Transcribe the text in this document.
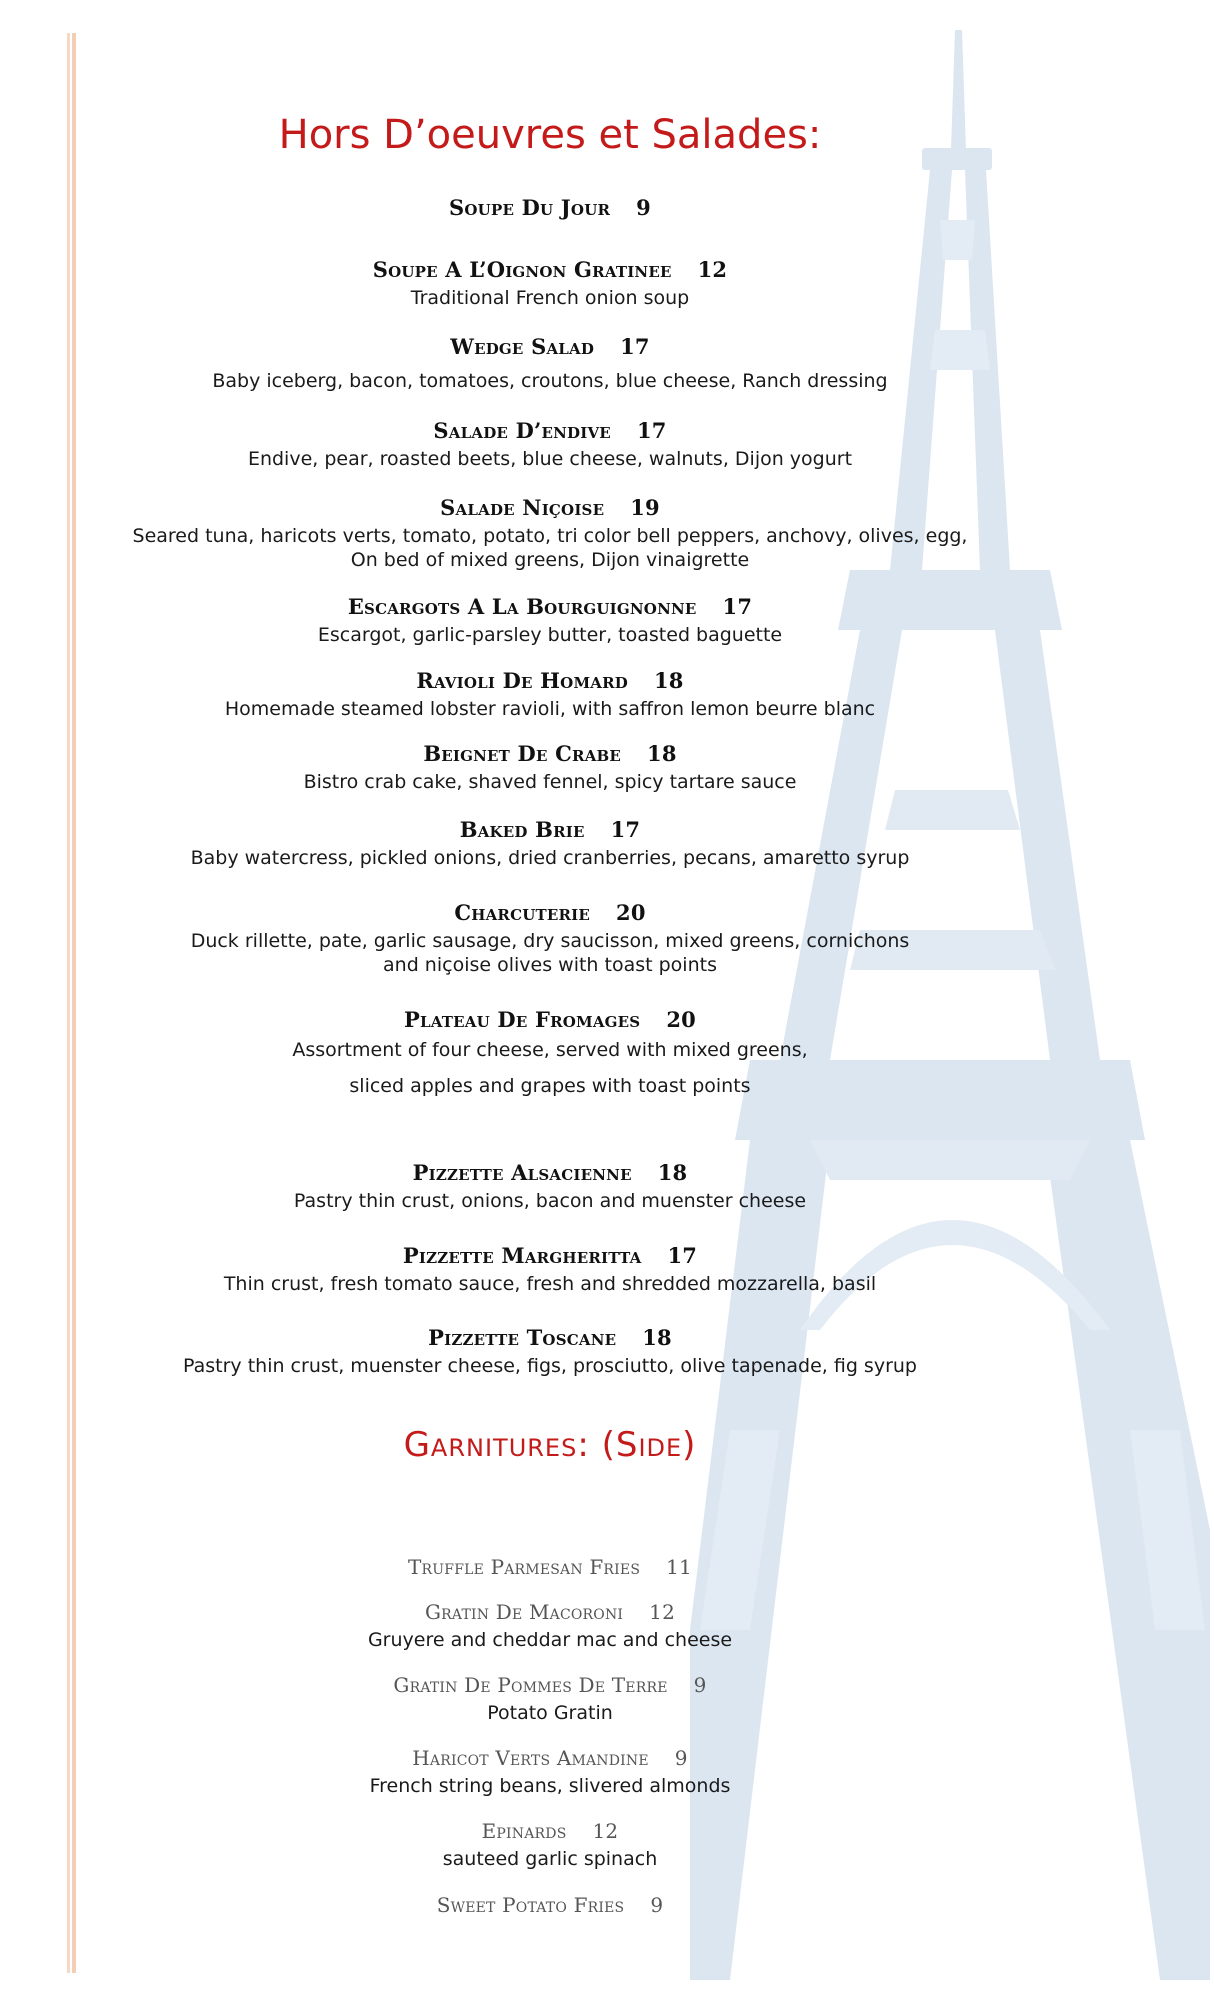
Hors D’oeuvres et Salades:
Soupe Du Jour 9
Soupe A L’Oignon Gratinee 12
Traditional French onion soup
Wedge Salad 17
Baby iceberg, bacon, tomatoes, croutons, blue cheese, Ranch dressing
Salade D’endive 17
Endive, pear, roasted beets, blue cheese, walnuts, Dijon yogurt
Salade Niçoise 19
Seared tuna, haricots verts, tomato, potato, tri color bell peppers, anchovy, olives, egg,
On bed of mixed greens, Dijon vinaigrette
Escargots A La Bourguignonne 17
Escargot, garlic-parsley butter, toasted baguette
Ravioli De Homard 18
Homemade steamed lobster ravioli, with saffron lemon beurre blanc
Beignet De Crabe 18
Bistro crab cake, shaved fennel, spicy tartare sauce
Baked Brie 17
Baby watercress, pickled onions, dried cranberries, pecans, amaretto syrup
Charcuterie 20
Duck rillette, pate, garlic sausage, dry saucisson, mixed greens, cornichons
and niçoise olives with toast points
Plateau De Fromages 20
Assortment of four cheese, served with mixed greens,
sliced apples and grapes with toast points
Pizzette Alsacienne 18
Pastry thin crust, onions, bacon and muenster cheese
Pizzette Margheritta 17
Thin crust, fresh tomato sauce, fresh and shredded mozzarella, basil
Pizzette Toscane 18
Pastry thin crust, muenster cheese, figs, prosciutto, olive tapenade, fig syrup
Garnitures: (Side)
Truffle Parmesan Fries 11
Gratin De Macoroni 12
Gruyere and cheddar mac and cheese
Gratin De Pommes De Terre 9
Potato Gratin
Haricot Verts Amandine 9
French string beans, slivered almonds
Epinards 12
sauteed garlic spinach
Sweet Potato Fries 9
